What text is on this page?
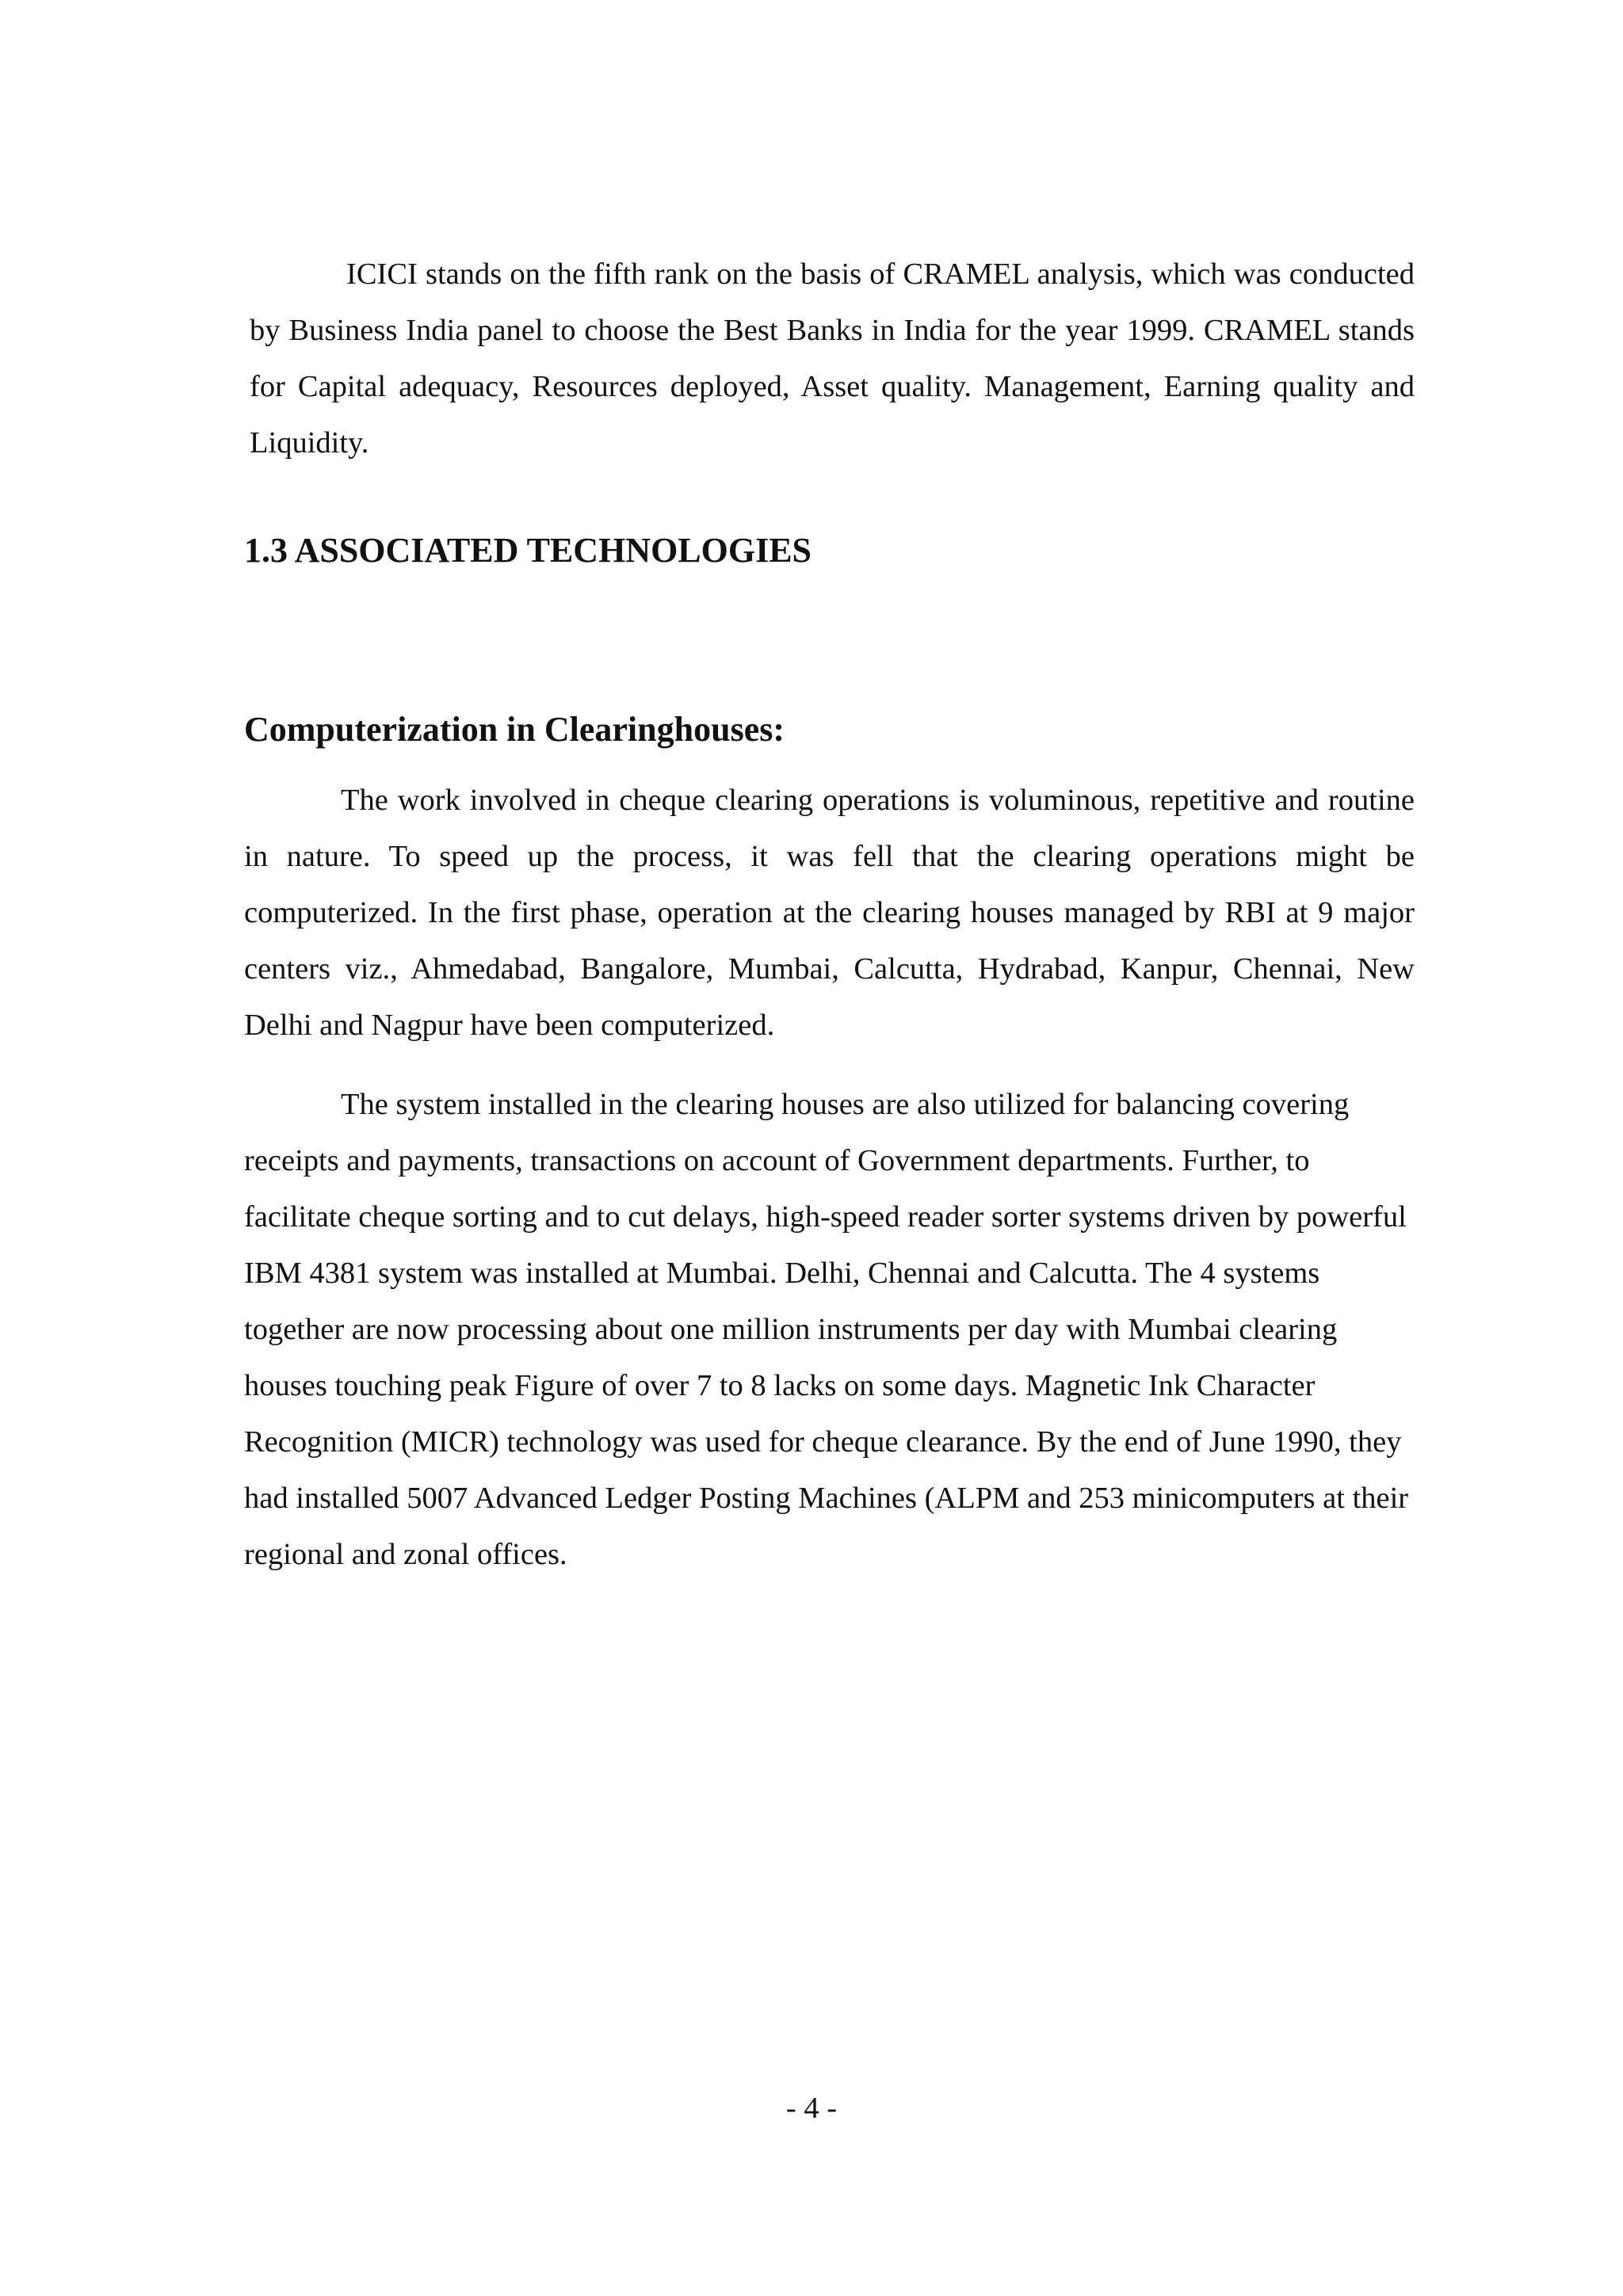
ICICI stands on the fifth rank on the basis of CRAMEL analysis, which was conducted by Business India panel to choose the Best Banks in India for the year 1999. CRAMEL stands for Capital adequacy, Resources deployed, Asset quality. Management, Earning quality and Liquidity.

1.3 ASSOCIATED TECHNOLOGIES
Computerization in Clearinghouses:

The work involved in cheque clearing operations is voluminous, repetitive and routine in nature. To speed up the process, it was fell that the clearing operations might be computerized. In the first phase, operation at the clearing houses managed by RBI at 9 major centers viz., Ahmedabad, Bangalore, Mumbai, Calcutta, Hydrabad, Kanpur, Chennai, New Delhi and Nagpur have been computerized.

The system installed in the clearing houses are also utilized for balancing covering receipts and payments, transactions on account of Government departments. Further, to facilitate cheque sorting and to cut delays, high-speed reader sorter systems driven by powerful IBM 4381 system was installed at Mumbai. Delhi, Chennai and Calcutta. The 4 systems together are now processing about one million instruments per day with Mumbai clearing houses touching peak Figure of over 7 to 8 lacks on some days. Magnetic Ink Character Recognition (MICR) technology was used for cheque clearance. By the end of June 1990, they had installed 5007 Advanced Ledger Posting Machines (ALPM and 253 minicomputers at their regional and zonal offices.

- 4 -
